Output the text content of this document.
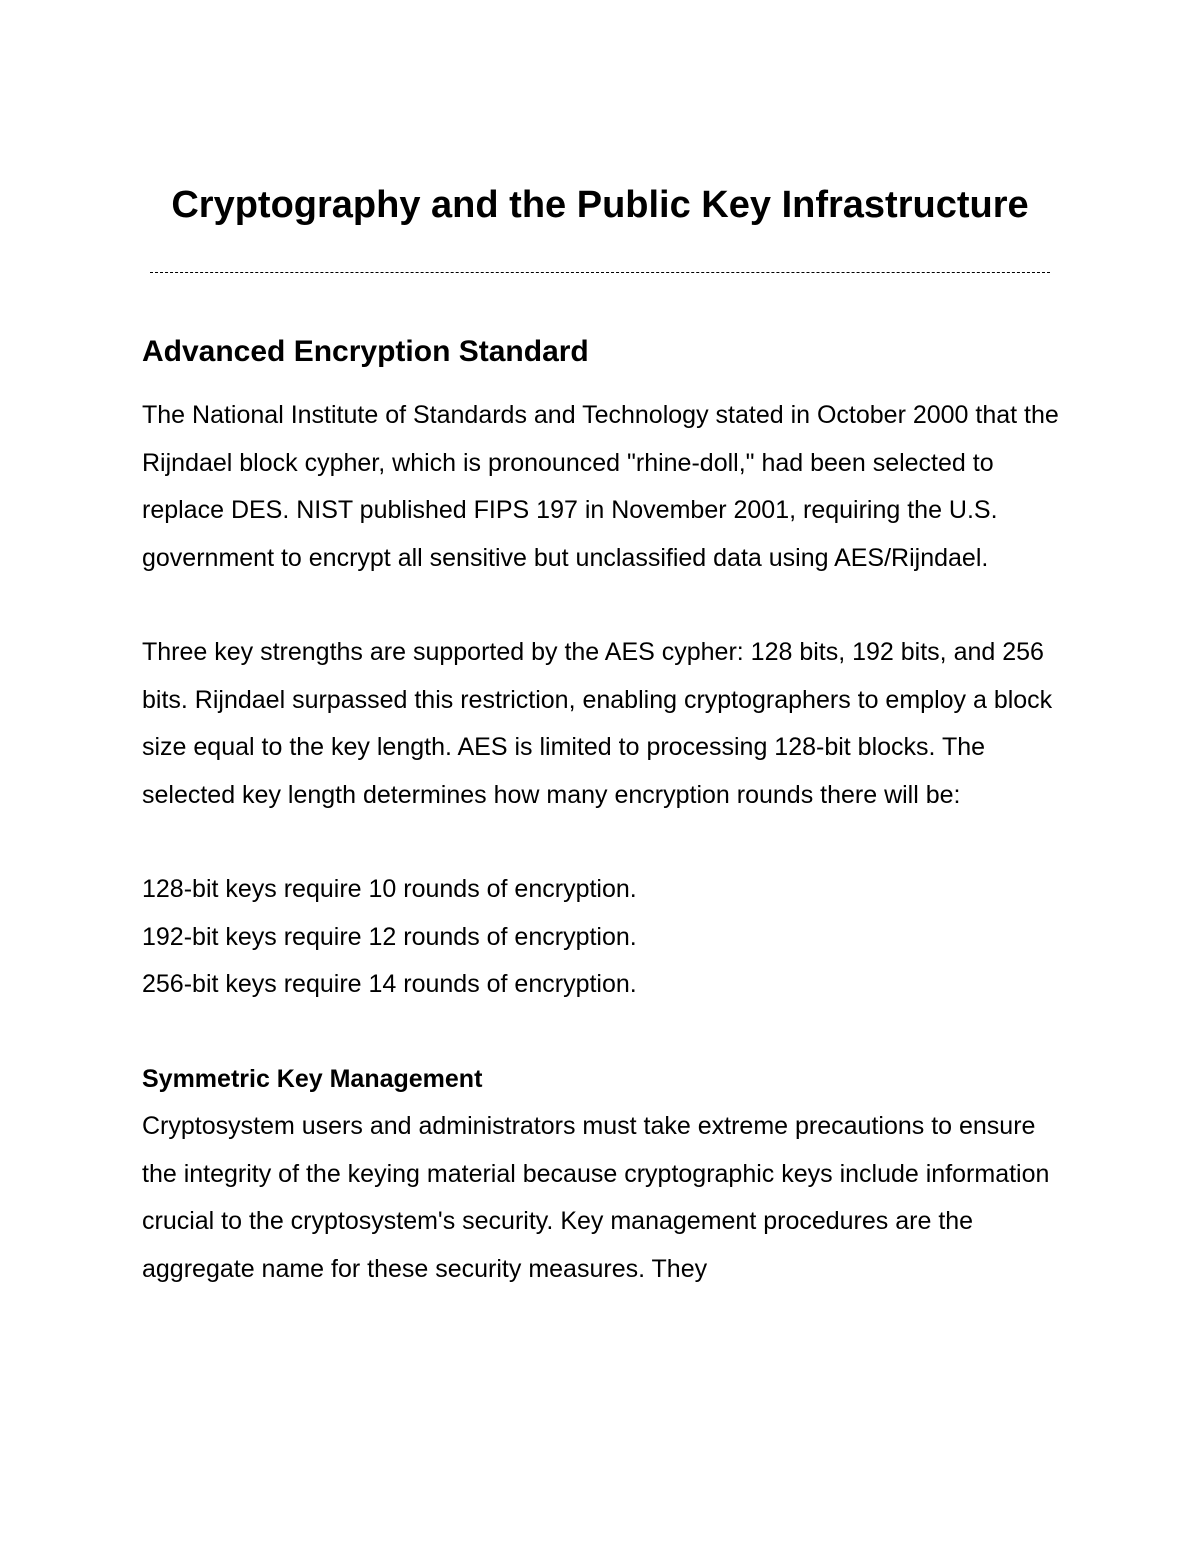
Cryptography and the Public Key Infrastructure
Advanced Encryption Standard

The National Institute of Standards and Technology stated in October 2000 that the Rijndael block cypher, which is pronounced "rhine-doll," had been selected to replace DES. NIST published FIPS 197 in November 2001, requiring the U.S. government to encrypt all sensitive but unclassified data using AES/Rijndael.

Three key strengths are supported by the AES cypher: 128 bits, 192 bits, and 256 bits. Rijndael surpassed this restriction, enabling cryptographers to employ a block size equal to the key length. AES is limited to processing 128-bit blocks. The selected key length determines how many encryption rounds there will be:

128-bit keys require 10 rounds of encryption.
192-bit keys require 12 rounds of encryption.
256-bit keys require 14 rounds of encryption.
Symmetric Key Management

Cryptosystem users and administrators must take extreme precautions to ensure the integrity of the keying material because cryptographic keys include information crucial to the cryptosystem's security. Key management procedures are the aggregate name for these security measures. They
